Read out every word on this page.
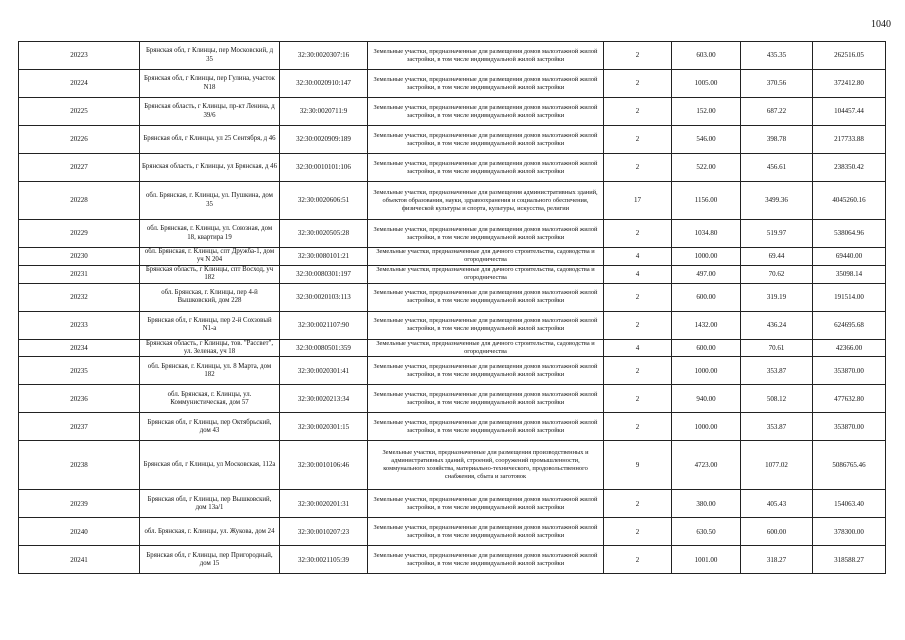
1040
20223	Брянская обл, г Клинцы, пер Московский, д 35	32:30:0020307:16	Земельные участки, предназначенные для размещения домов малоэтажной жилой застройки, в том числе индивидуальной жилой застройки	2	603.00	435.35	262516.05
20224	Брянская обл, г Клинцы, пер Гулина, участок N18	32:30:0020910:147	Земельные участки, предназначенные для размещения домов малоэтажной жилой застройки, в том числе индивидуальной жилой застройки	2	1005.00	370.56	372412.80
20225	Брянская область, г Клинцы, пр-кт Ленина, д 39/6	32:30:0020711:9	Земельные участки, предназначенные для размещения домов малоэтажной жилой застройки, в том числе индивидуальной жилой застройки	2	152.00	687.22	104457.44
20226	Брянская обл, г Клинцы, ул 25 Сентября, д 46	32:30:0020909:189	Земельные участки, предназначенные для размещения домов малоэтажной жилой застройки, в том числе индивидуальной жилой застройки	2	546.00	398.78	217733.88
20227	Брянская область, г Клинцы, ул Брянская, д 46	32:30:0010101:106	Земельные участки, предназначенные для размещения домов малоэтажной жилой застройки, в том числе индивидуальной жилой застройки	2	522.00	456.61	238350.42
20228	обл. Брянская, г. Клинцы, ул. Пушкина, дом 35	32:30:0020606:51	Земельные участки, предназначенные для размещения административных зданий, объектов образования, науки, здравоохранения и социального обеспечения, физической культуры и спорта, культуры, искусства, религии	17	1156.00	3499.36	4045260.16
20229	обл. Брянская, г. Клинцы, ул. Союзная, дом 18, квартира 19	32:30:0020505:28	Земельные участки, предназначенные для размещения домов малоэтажной жилой застройки, в том числе индивидуальной жилой застройки	2	1034.80	519.97	538064.96
20230	обл. Брянская, г. Клинцы, спт Дружба-1, дом уч N 204	32:30:0080101:21	Земельные участки, предназначенные для дачного строительства, садоводства и огородничества	4	1000.00	69.44	69440.00
20231	Брянская область, г Клинцы, спт Восход, уч 182	32:30:0080301:197	Земельные участки, предназначенные для дачного строительства, садоводства и огородничества	4	497.00	70.62	35098.14
20232	обл. Брянская, г. Клинцы, пер 4-й Вышковский, дом 228	32:30:0020103:113	Земельные участки, предназначенные для размещения домов малоэтажной жилой застройки, в том числе индивидуальной жилой застройки	2	600.00	319.19	191514.00
20233	Брянская обл, г Клинцы, пер 2-й Сохзовый N1-а	32:30:0021107:90	Земельные участки, предназначенные для размещения домов малоэтажной жилой застройки, в том числе индивидуальной жилой застройки	2	1432.00	436.24	624695.68
20234	Брянская область, г Клинцы, тов. "Рассвет", ул. Зеленая, уч 18	32:30:0080501:359	Земельные участки, предназначенные для дачного строительства, садоводства и огородничества	4	600.00	70.61	42366.00
20235	обл. Брянская, г. Клинцы, ул. 8 Марта, дом 182	32:30:0020301:41	Земельные участки, предназначенные для размещения домов малоэтажной жилой застройки, в том числе индивидуальной жилой застройки	2	1000.00	353.87	353870.00
20236	обл. Брянская, г. Клинцы, ул. Коммунистическая, дом 57	32:30:0020213:34	Земельные участки, предназначенные для размещения домов малоэтажной жилой застройки, в том числе индивидуальной жилой застройки	2	940.00	508.12	477632.80
20237	Брянская обл, г Клинцы, пер Октябрьский, дом 43	32:30:0020301:15	Земельные участки, предназначенные для размещения домов малоэтажной жилой застройки, в том числе индивидуальной жилой застройки	2	1000.00	353.87	353870.00
20238	Брянская обл, г Клинцы, ул Московская, 112а	32:30:0010106:46	Земельные участки, предназначенные для размещения производственных и административных зданий, строений, сооружений промышленности, коммунального хозяйства, материально-технического, продовольственного снабжения, сбыта и заготовок	9	4723.00	1077.02	5086765.46
20239	Брянская обл, г Клинцы, пер Вышковский, дом 13а/1	32:30:0020201:31	Земельные участки, предназначенные для размещения домов малоэтажной жилой застройки, в том числе индивидуальной жилой застройки	2	380.00	405.43	154063.40
20240	обл. Брянская, г. Клинцы, ул. Жукова, дом 24	32:30:0010207:23	Земельные участки, предназначенные для размещения домов малоэтажной жилой застройки, в том числе индивидуальной жилой застройки	2	630.50	600.00	378300.00
20241	Брянская обл, г Клинцы, пер Пригородный, дом 15	32:30:0021105:39	Земельные участки, предназначенные для размещения домов малоэтажной жилой застройки, в том числе индивидуальной жилой застройки	2	1001.00	318.27	318588.27
